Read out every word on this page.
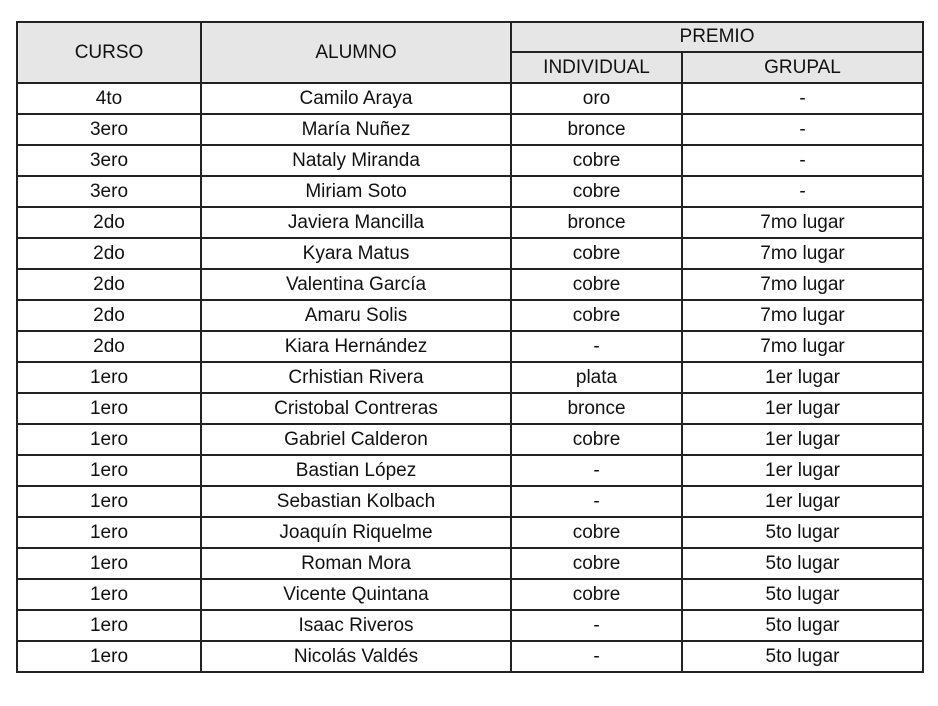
CURSO	ALUMNO	PREMIO	
		INDIVIDUAL	GRUPAL
4to	Camilo Araya	oro	-
3ero	María Nuñez	bronce	-
3ero	Nataly Miranda	cobre	-
3ero	Miriam Soto	cobre	-
2do	Javiera Mancilla	bronce	7mo lugar
2do	Kyara Matus	cobre	7mo lugar
2do	Valentina García	cobre	7mo lugar
2do	Amaru Solis	cobre	7mo lugar
2do	Kiara Hernández	-	7mo lugar
1ero	Crhistian Rivera	plata	1er lugar
1ero	Cristobal Contreras	bronce	1er lugar
1ero	Gabriel Calderon	cobre	1er lugar
1ero	Bastian López	-	1er lugar
1ero	Sebastian Kolbach	-	1er lugar
1ero	Joaquín Riquelme	cobre	5to lugar
1ero	Roman Mora	cobre	5to lugar
1ero	Vicente Quintana	cobre	5to lugar
1ero	Isaac Riveros	-	5to lugar
1ero	Nicolás Valdés	-	5to lugar
